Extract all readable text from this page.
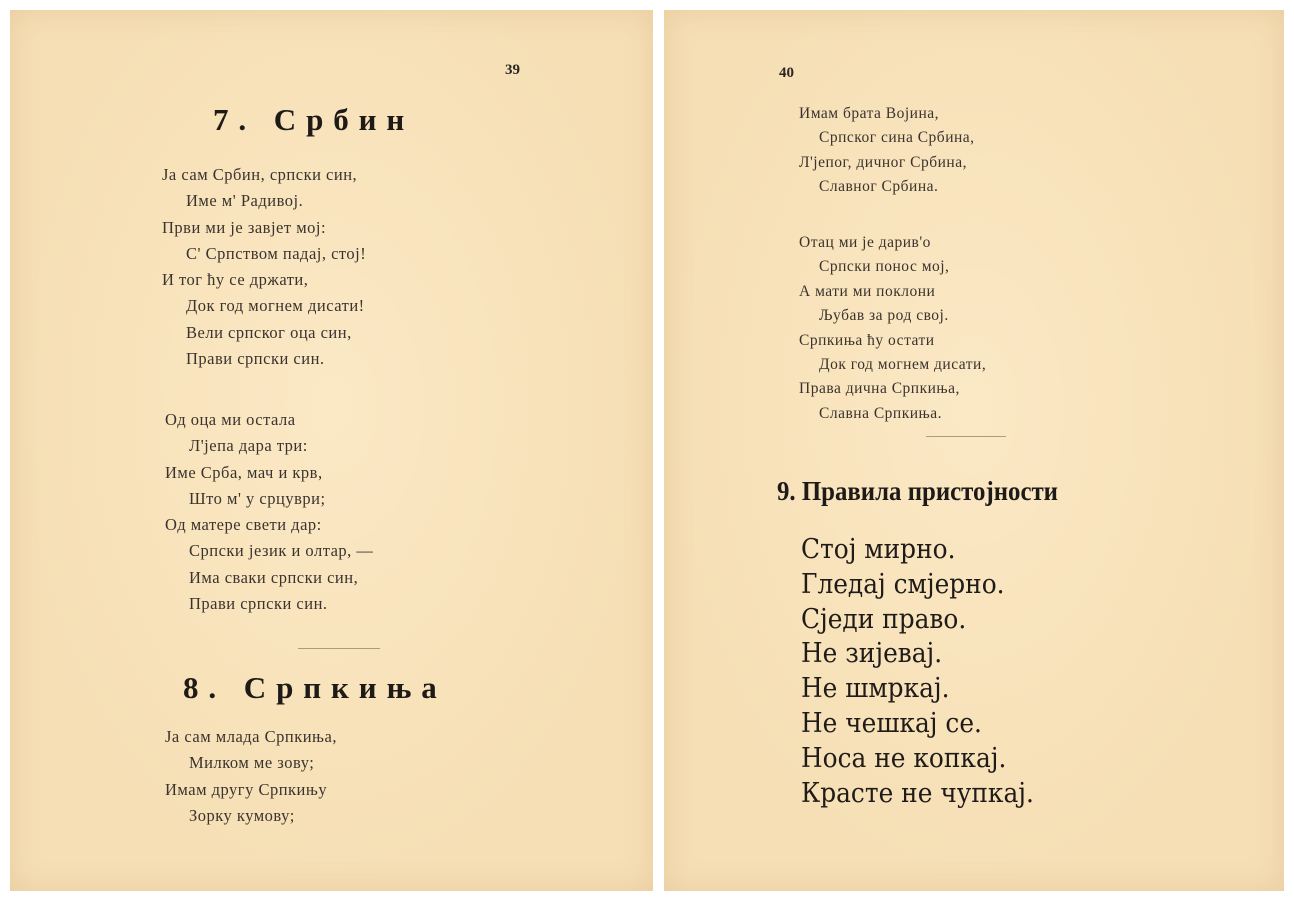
39
7. Србин
Ја сам Србин, српски син,
Име м' Радивој.
Први ми је завјет мој:
С' Српством падај, стој!
И тог ћу се држати,
Док год могнем дисати!
Вели српског оца син,
Прави српски син.
Од оца ми остала
Л'јепа дара три:
Име Срба, мач и крв,
Што м' у срцуври;
Од матере свети дар:
Српски језик и олтар, —
Има сваки српски син,
Прави српски син.
8. Српкиња
Ја сам млада Српкиња,
Милком ме зову;
Имам другу Српкињу
Зорку кумову;
40
Имам брата Војина,
Српског сина Србина,
Л'јепог, дичног Србина,
Славног Србина.
Отац ми је дарив'о
Српски понос мој,
А мати ми поклони
Љубав за род свој.
Српкиња ћу остати
Док год могнем дисати,
Права дична Српкиња,
Славна Српкиња.
9. Правила пристојности
Стој мирно.
Гледај смјерно.
Сједи право.
Не зијевај.
Не шмркај.
Не чешкај се.
Носа не копкај.
Красте не чупкај.
